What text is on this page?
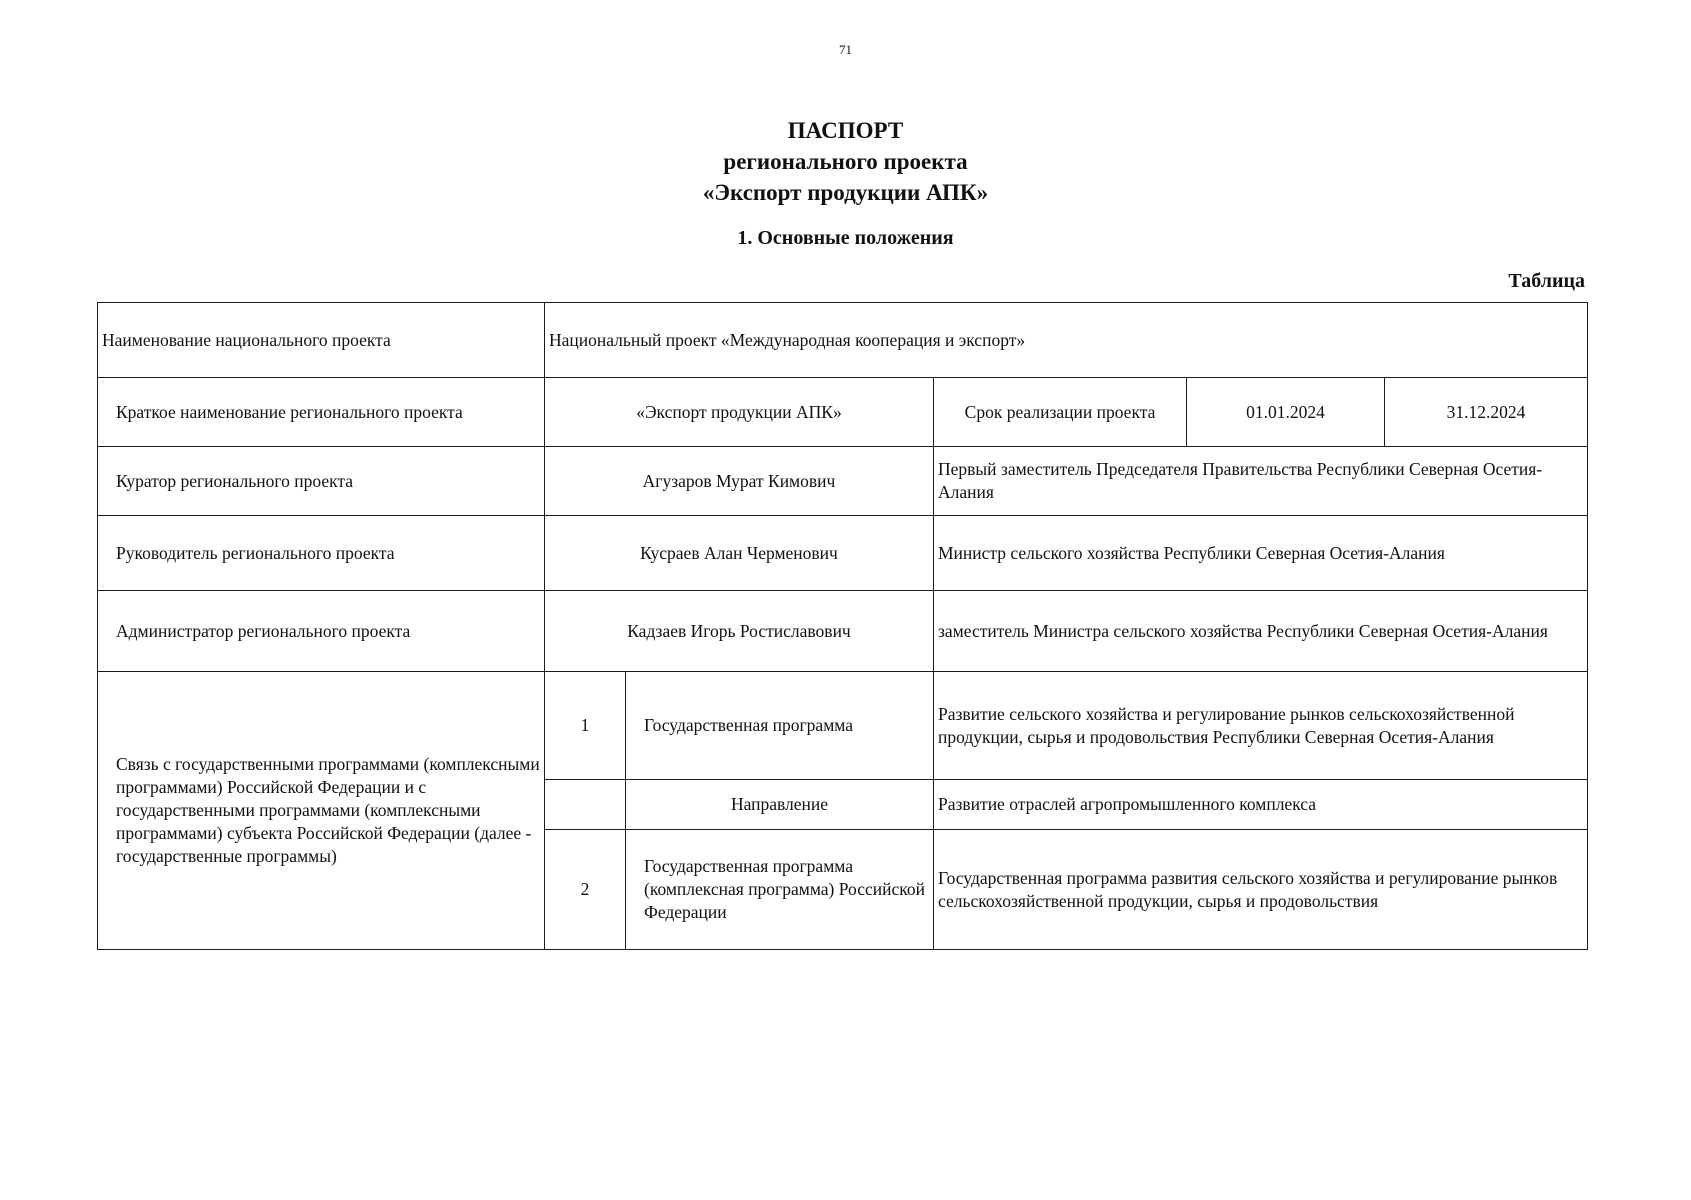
71
ПАСПОРТ
регионального проекта
«Экспорт продукции АПК»
1. Основные положения
Таблица
Наименование национального проекта	Национальный проект «Международная кооперация и экспорт»				
Краткое наименование регионального проекта	«Экспорт продукции АПК»		Срок реализации проекта	01.01.2024	31.12.2024
Куратор регионального проекта	Агузаров Мурат Кимович		Первый заместитель Председателя Правительства Республики Северная Осетия-Алания		
Руководитель регионального проекта	Кусраев Алан Черменович		Министр сельского хозяйства Республики Северная Осетия-Алания		
Администратор регионального проекта	Кадзаев Игорь Ростиславович		заместитель Министра сельского хозяйства Республики Северная Осетия-Алания		
Связь с государственными программами (комплексными программами) Российской Федерации и с государственными программами (комплексными программами) субъекта Российской Федерации (далее - государственные программы)	1	Государственная программа	Развитие сельского хозяйства и регулирование рынков сельскохозяйственной продукции, сырья и продовольствия Республики Северная Осетия-Алания		
		Направление	Развитие отраслей агропромышленного комплекса		
	2	Государственная программа (комплексная программа) Российской Федерации	Государственная программа развития сельского хозяйства и регулирование рынков сельскохозяйственной продукции, сырья и продовольствия		
